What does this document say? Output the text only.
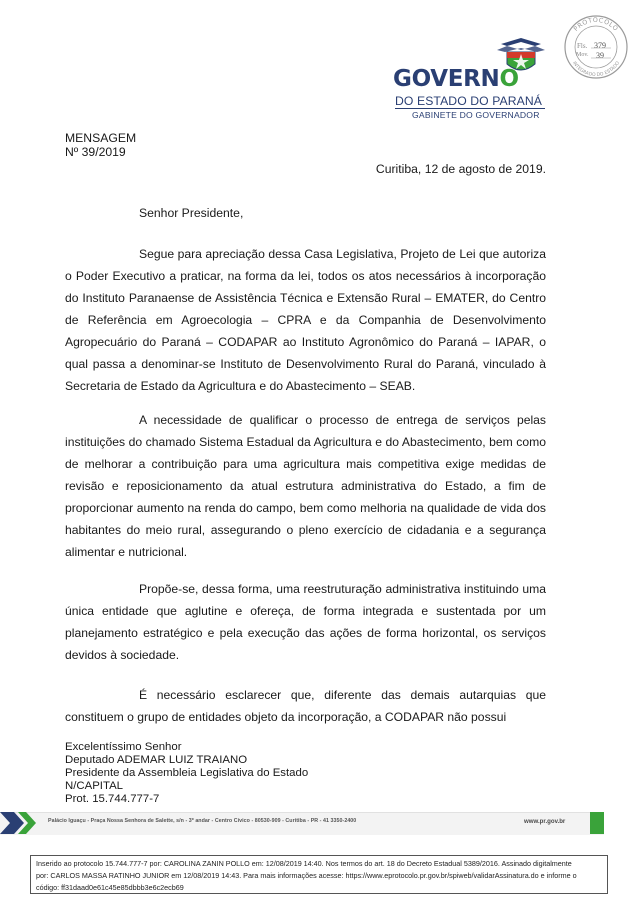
PROTOCOLO
INTEGRADO DO ESTADO
Fls. 379
Mov. 39
GOVERNO
DO ESTADO DO PARANÁ
GABINETE DO GOVERNADOR
MENSAGEM
Nº 39/2019
Curitiba, 12 de agosto de 2019.
Senhor Presidente,

Segue para apreciação dessa Casa Legislativa, Projeto de Lei que autoriza o Poder Executivo a praticar, na forma da lei, todos os atos necessários à incorporação do Instituto Paranaense de Assistência Técnica e Extensão Rural – EMATER, do Centro de Referência em Agroecologia – CPRA e da Companhia de Desenvolvimento Agropecuário do Paraná – CODAPAR ao Instituto Agronômico do Paraná – IAPAR, o qual passa a denominar-se Instituto de Desenvolvimento Rural do Paraná, vinculado à Secretaria de Estado da Agricultura e do Abastecimento – SEAB.

A necessidade de qualificar o processo de entrega de serviços pelas instituições do chamado Sistema Estadual da Agricultura e do Abastecimento, bem como de melhorar a contribuição para uma agricultura mais competitiva exige medidas de revisão e reposicionamento da atual estrutura administrativa do Estado, a fim de proporcionar aumento na renda do campo, bem como melhoria na qualidade de vida dos habitantes do meio rural, assegurando o pleno exercício de cidadania e a segurança alimentar e nutricional.

Propõe-se, dessa forma, uma reestruturação administrativa instituindo uma única entidade que aglutine e ofereça, de forma integrada e sustentada por um planejamento estratégico e pela execução das ações de forma horizontal, os serviços devidos à sociedade.

É necessário esclarecer que, diferente das demais autarquias que constituem o grupo de entidades objeto da incorporação, a CODAPAR não possui

Excelentíssimo Senhor
Deputado ADEMAR LUIZ TRAIANO
Presidente da Assembleia Legislativa do Estado
N/CAPITAL
Prot. 15.744.777-7
Palácio Iguaçu - Praça Nossa Senhora de Salette, s/n - 3º andar - Centro Cívico - 80530-909 - Curitiba - PR - 41 3350-2400	www.pr.gov.br

Inserido ao protocolo 15.744.777-7 por: CAROLINA ZANIN POLLO em: 12/08/2019 14:40. Nos termos do art. 18 do Decreto Estadual 5389/2016. Assinado digitalmente
por: CARLOS MASSA RATINHO JUNIOR em 12/08/2019 14:43. Para mais informações acesse: https://www.eprotocolo.pr.gov.br/spiweb/validarAssinatura.do e informe o
código: ff31daad0e61c45e85dbbb3e6c2ecb69
